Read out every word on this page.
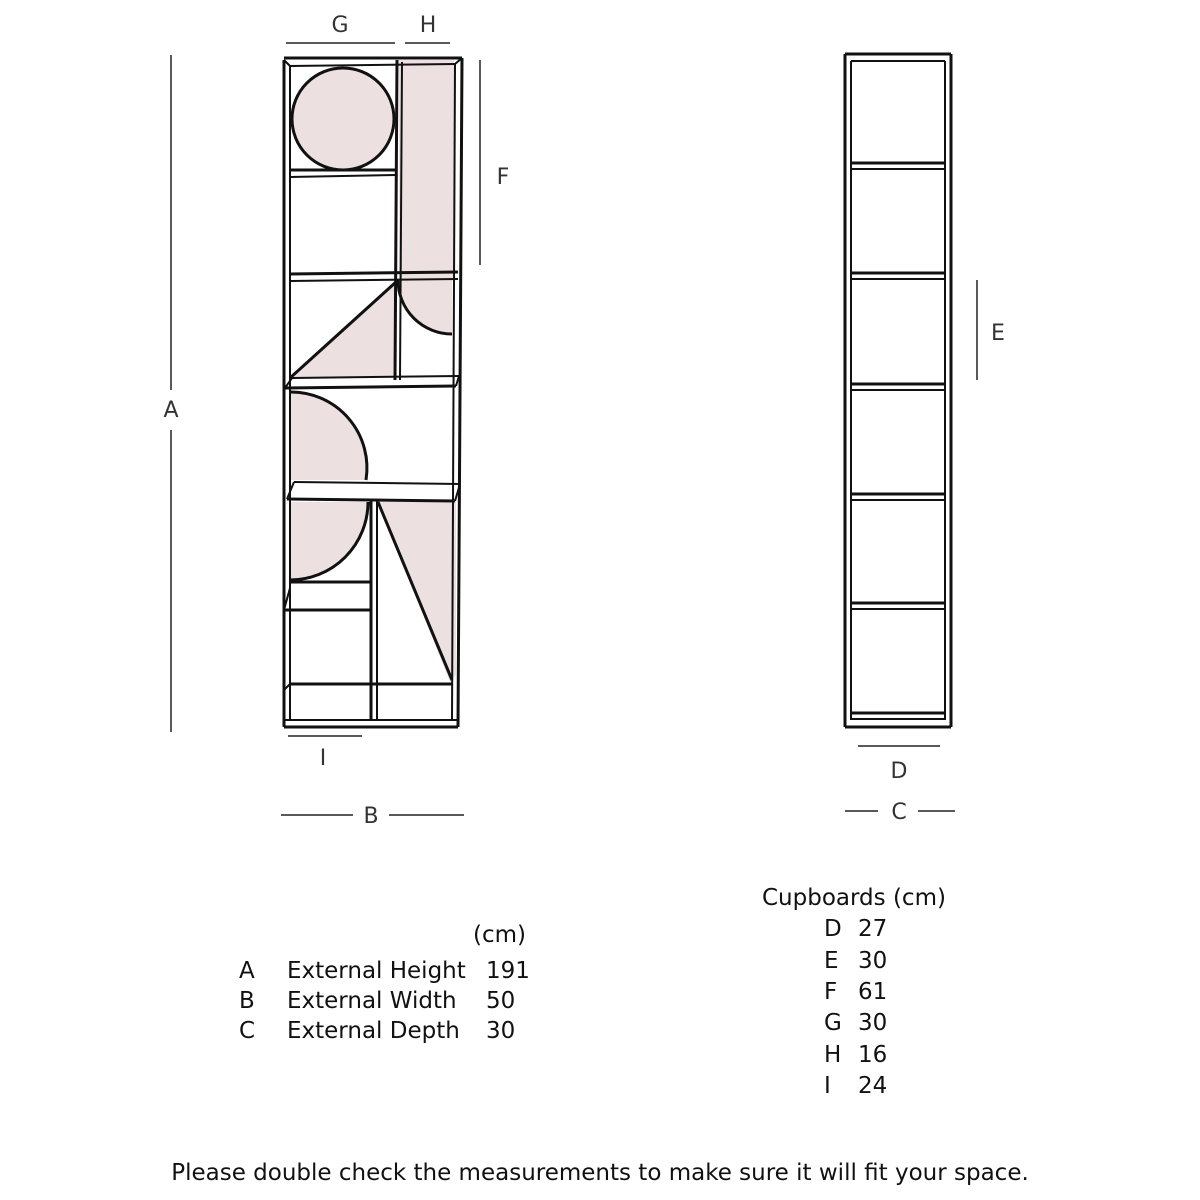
G	H
A
F
I
B
E
D
C
(cm)
A External Height 191
B External Width 50
C External Depth 30
Cupboards (cm)
D 27
E 30
F 61
G 30
H 16
I 24
Please double check the measurements to make sure it will fit your space.
